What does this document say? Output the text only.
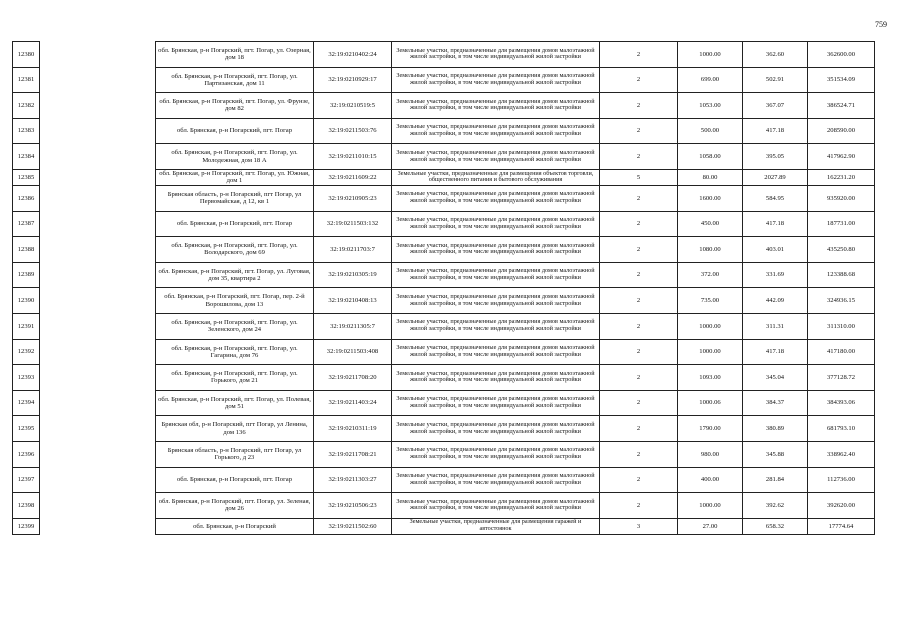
759
12380		обл. Брянская, р-н Погарский, пгт. Погар, ул. Озерная, дом 18	32:19:0210402:24	Земельные участки, предназначенные для размещения домов малоэтажной жилой застройки, в том числе индивидуальной жилой застройки	2	1000.00	362.60	362600.00
12381		обл. Брянская, р-н Погарский, пгт. Погар, ул. Партизанская, дом 11	32:19:0210929:17	Земельные участки, предназначенные для размещения домов малоэтажной жилой застройки, в том числе индивидуальной жилой застройки	2	699.00	502.91	351534.09
12382		обл. Брянская, р-н Погарский, пгт. Погар, ул. Фрунзе, дом 82	32:19:0210519:5	Земельные участки, предназначенные для размещения домов малоэтажной жилой застройки, в том числе индивидуальной жилой застройки	2	1053.00	367.07	386524.71
12383		обл. Брянская, р-н Погарский, пгт. Погар	32:19:0211503:76	Земельные участки, предназначенные для размещения домов малоэтажной жилой застройки, в том числе индивидуальной жилой застройки	2	500.00	417.18	208590.00
12384		обл. Брянская, р-н Погарский, пгт. Погар, ул. Молодежная, дом 18 А	32:19:0211010:15	Земельные участки, предназначенные для размещения домов малоэтажной жилой застройки, в том числе индивидуальной жилой застройки	2	1058.00	395.05	417962.90
12385		обл. Брянская, р-н Погарский, пгт. Погар, ул. Южная, дом 1	32:19:0211609:22	Земельные участки, предназначенные для размещения объектов торговли, общественного питания и бытового обслуживания	5	80.00	2027.89	162231.20
12386		Брянская область, р-н Погарский, пгт Погар, ул Первомайская, д 12, кв 1	32:19:0210905:23	Земельные участки, предназначенные для размещения домов малоэтажной жилой застройки, в том числе индивидуальной жилой застройки	2	1600.00	584.95	935920.00
12387		обл. Брянская, р-н Погарский, пгт. Погар	32:19:0211503:132	Земельные участки, предназначенные для размещения домов малоэтажной жилой застройки, в том числе индивидуальной жилой застройки	2	450.00	417.18	187731.00
12388		обл. Брянская, р-н Погарский, пгт. Погар, ул. Володарского, дом 69	32:19:0211703:7	Земельные участки, предназначенные для размещения домов малоэтажной жилой застройки, в том числе индивидуальной жилой застройки	2	1080.00	403.01	435250.80
12389		обл. Брянская, р-н Погарский, пгт. Погар, ул. Луговая, дом 35, квартира 2	32:19:0210305:19	Земельные участки, предназначенные для размещения домов малоэтажной жилой застройки, в том числе индивидуальной жилой застройки	2	372.00	331.69	123388.68
12390		обл. Брянская, р-н Погарский, пгт. Погар, пер. 2-й Ворошилова, дом 13	32:19:0210408:13	Земельные участки, предназначенные для размещения домов малоэтажной жилой застройки, в том числе индивидуальной жилой застройки	2	735.00	442.09	324936.15
12391		обл. Брянская, р-н Погарский, пгт. Погар, ул. Зеленского, дом 24	32:19:0211305:7	Земельные участки, предназначенные для размещения домов малоэтажной жилой застройки, в том числе индивидуальной жилой застройки	2	1000.00	311.31	311310.00
12392		обл. Брянская, р-н Погарский, пгт. Погар, ул. Гагарина, дом 76	32:19:0211503:408	Земельные участки, предназначенные для размещения домов малоэтажной жилой застройки, в том числе индивидуальной жилой застройки	2	1000.00	417.18	417180.00
12393		обл. Брянская, р-н Погарский, пгт. Погар, ул. Горького, дом 21	32:19:0211708:20	Земельные участки, предназначенные для размещения домов малоэтажной жилой застройки, в том числе индивидуальной жилой застройки	2	1093.00	345.04	377128.72
12394		обл. Брянская, р-н Погарский, пгт. Погар, ул. Полевая, дом 51	32:19:0211403:24	Земельные участки, предназначенные для размещения домов малоэтажной жилой застройки, в том числе индивидуальной жилой застройки	2	1000.06	384.37	384393.06
12395		Брянская обл, р-н Погарский, пгт Погар, ул Ленина, дом 136	32:19:0210311:19	Земельные участки, предназначенные для размещения домов малоэтажной жилой застройки, в том числе индивидуальной жилой застройки	2	1790.00	380.89	681793.10
12396		Брянская область, р-н Погарский, пгт Погар, ул Горького, д 23	32:19:0211708:21	Земельные участки, предназначенные для размещения домов малоэтажной жилой застройки, в том числе индивидуальной жилой застройки	2	980.00	345.88	338962.40
12397		обл. Брянская, р-н Погарский, пгт. Погар	32:19:0211303:27	Земельные участки, предназначенные для размещения домов малоэтажной жилой застройки, в том числе индивидуальной жилой застройки	2	400.00	281.84	112736.00
12398		обл. Брянская, р-н Погарский, пгт. Погар, ул. Зеленая, дом 26	32:19:0210506:23	Земельные участки, предназначенные для размещения домов малоэтажной жилой застройки, в том числе индивидуальной жилой застройки	2	1000.00	392.62	392620.00
12399		обл. Брянская, р-н Погарский	32:19:0211502:60	Земельные участки, предназначенные для размещения гаражей и автостоянок	3	27.00	658.32	17774.64
